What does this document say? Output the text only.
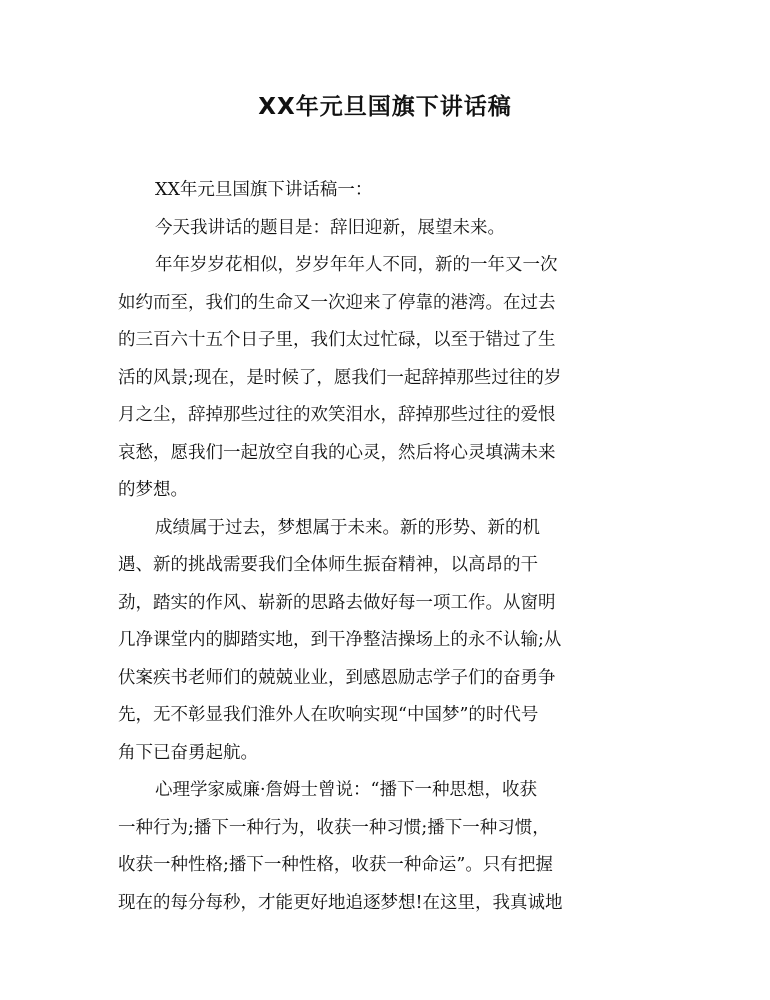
XX年元旦国旗下讲话稿
XX年元旦国旗下讲话稿一：
今天我讲话的题目是：辞旧迎新，展望未来。
年年岁岁花相似，岁岁年年人不同，新的一年又一次
如约而至，我们的生命又一次迎来了停靠的港湾。在过去
的三百六十五个日子里，我们太过忙碌，以至于错过了生
活的风景;现在，是时候了，愿我们一起辞掉那些过往的岁
月之尘，辞掉那些过往的欢笑泪水，辞掉那些过往的爱恨
哀愁，愿我们一起放空自我的心灵，然后将心灵填满未来
的梦想。
成绩属于过去，梦想属于未来。新的形势、新的机
遇、新的挑战需要我们全体师生振奋精神，以高昂的干
劲，踏实的作风、崭新的思路去做好每一项工作。从窗明
几净课堂内的脚踏实地，到干净整洁操场上的永不认输;从
伏案疾书老师们的兢兢业业，到感恩励志学子们的奋勇争
先，无不彰显我们淮外人在吹响实现“中国梦”的时代号
角下已奋勇起航。
心理学家威廉·詹姆士曾说：“播下一种思想，收获
一种行为;播下一种行为，收获一种习惯;播下一种习惯，
收获一种性格;播下一种性格，收获一种命运”。只有把握
现在的每分每秒，才能更好地追逐梦想!在这里，我真诚地
